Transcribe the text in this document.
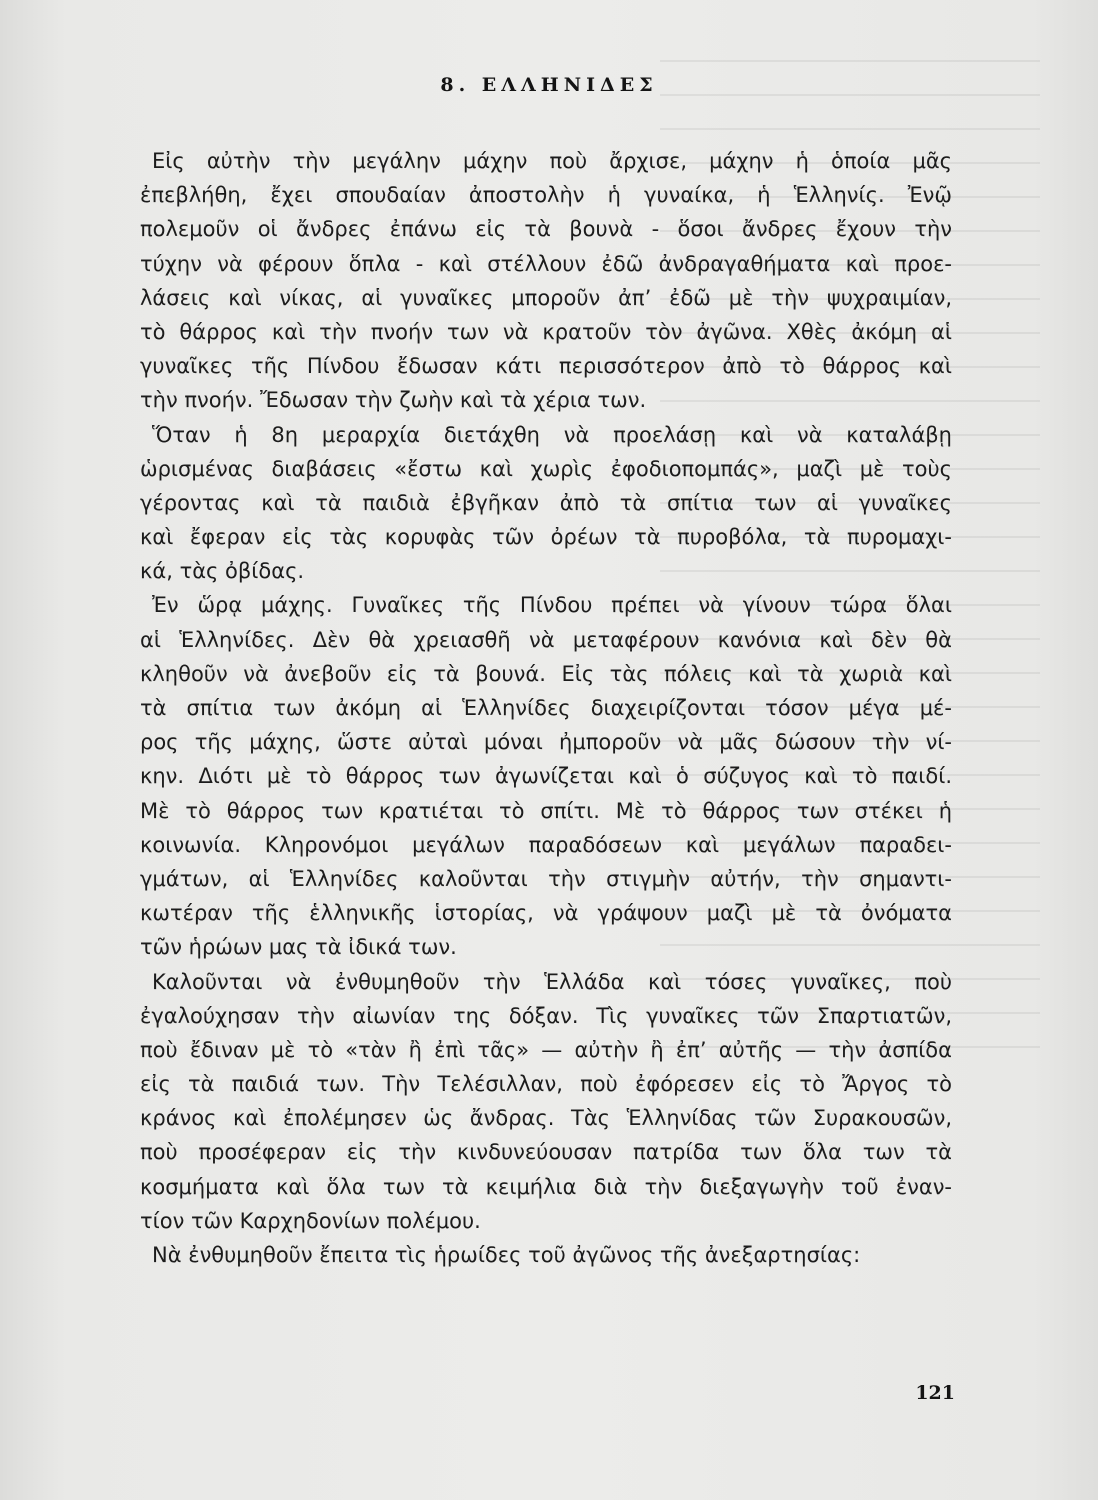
8. ΕΛΛΗΝΙΔΕΣ
Εἰς αὐτὴν τὴν μεγάλην μάχην ποὺ ἄρχισε, μάχην ἡ ὁποία μᾶς
ἐπεβλήθη, ἔχει σπουδαίαν ἀποστολὴν ἡ γυναίκα, ἡ Ἑλληνίς. Ἐνῷ
πολεμοῦν οἱ ἄνδρες ἐπάνω εἰς τὰ βουνὰ - ὅσοι ἄνδρες ἔχουν τὴν
τύχην νὰ φέρουν ὅπλα - καὶ στέλλουν ἐδῶ ἀνδραγαθήματα καὶ προε-
λάσεις καὶ νίκας, αἱ γυναῖκες μποροῦν ἀπ’ ἐδῶ μὲ τὴν ψυχραιμίαν,
τὸ θάρρος καὶ τὴν πνοήν των νὰ κρατοῦν τὸν ἀγῶνα. Χθὲς ἀκόμη αἱ
γυναῖκες τῆς Πίνδου ἔδωσαν κάτι περισσότερον ἀπὸ τὸ θάρρος καὶ
τὴν πνοήν. Ἔδωσαν τὴν ζωὴν καὶ τὰ χέρια των.
Ὅταν ἡ 8η μεραρχία διετάχθη νὰ προελάσῃ καὶ νὰ καταλάβῃ
ὡρισμένας διαβάσεις «ἔστω καὶ χωρὶς ἐφοδιοπομπάς», μαζὶ μὲ τοὺς
γέροντας καὶ τὰ παιδιὰ ἐβγῆκαν ἀπὸ τὰ σπίτια των αἱ γυναῖκες
καὶ ἔφεραν εἰς τὰς κορυφὰς τῶν ὀρέων τὰ πυροβόλα, τὰ πυρομαχι-
κά, τὰς ὀβίδας.
Ἐν ὥρᾳ μάχης. Γυναῖκες τῆς Πίνδου πρέπει νὰ γίνουν τώρα ὅλαι
αἱ Ἑλληνίδες. Δὲν θὰ χρειασθῆ νὰ μεταφέρουν κανόνια καὶ δὲν θὰ
κληθοῦν νὰ ἀνεβοῦν εἰς τὰ βουνά. Εἰς τὰς πόλεις καὶ τὰ χωριὰ καὶ
τὰ σπίτια των ἀκόμη αἱ Ἑλληνίδες διαχειρίζονται τόσον μέγα μέ-
ρος τῆς μάχης, ὥστε αὐταὶ μόναι ἠμποροῦν νὰ μᾶς δώσουν τὴν νί-
κην. Διότι μὲ τὸ θάρρος των ἀγωνίζεται καὶ ὁ σύζυγος καὶ τὸ παιδί.
Μὲ τὸ θάρρος των κρατιέται τὸ σπίτι. Μὲ τὸ θάρρος των στέκει ἡ
κοινωνία. Κληρονόμοι μεγάλων παραδόσεων καὶ μεγάλων παραδει-
γμάτων, αἱ Ἑλληνίδες καλοῦνται τὴν στιγμὴν αὐτήν, τὴν σημαντι-
κωτέραν τῆς ἑλληνικῆς ἱστορίας, νὰ γράψουν μαζὶ μὲ τὰ ὀνόματα
τῶν ἡρώων μας τὰ ἰδικά των.
Καλοῦνται νὰ ἐνθυμηθοῦν τὴν Ἑλλάδα καὶ τόσες γυναῖκες, ποὺ
ἐγαλούχησαν τὴν αἰωνίαν της δόξαν. Τὶς γυναῖκες τῶν Σπαρτιατῶν,
ποὺ ἔδιναν μὲ τὸ «τὰν ἢ ἐπὶ τᾶς» — αὐτὴν ἢ ἐπ’ αὐτῆς — τὴν ἀσπίδα
εἰς τὰ παιδιά των. Τὴν Τελέσιλλαν, ποὺ ἐφόρεσεν εἰς τὸ Ἄργος τὸ
κράνος καὶ ἐπολέμησεν ὡς ἄνδρας. Τὰς Ἑλληνίδας τῶν Συρακουσῶν,
ποὺ προσέφεραν εἰς τὴν κινδυνεύουσαν πατρίδα των ὅλα των τὰ
κοσμήματα καὶ ὅλα των τὰ κειμήλια διὰ τὴν διεξαγωγὴν τοῦ ἐναν-
τίον τῶν Καρχηδονίων πολέμου.
Νὰ ἐνθυμηθοῦν ἔπειτα τὶς ἡρωίδες τοῦ ἀγῶνος τῆς ἀνεξαρτησίας:
121
